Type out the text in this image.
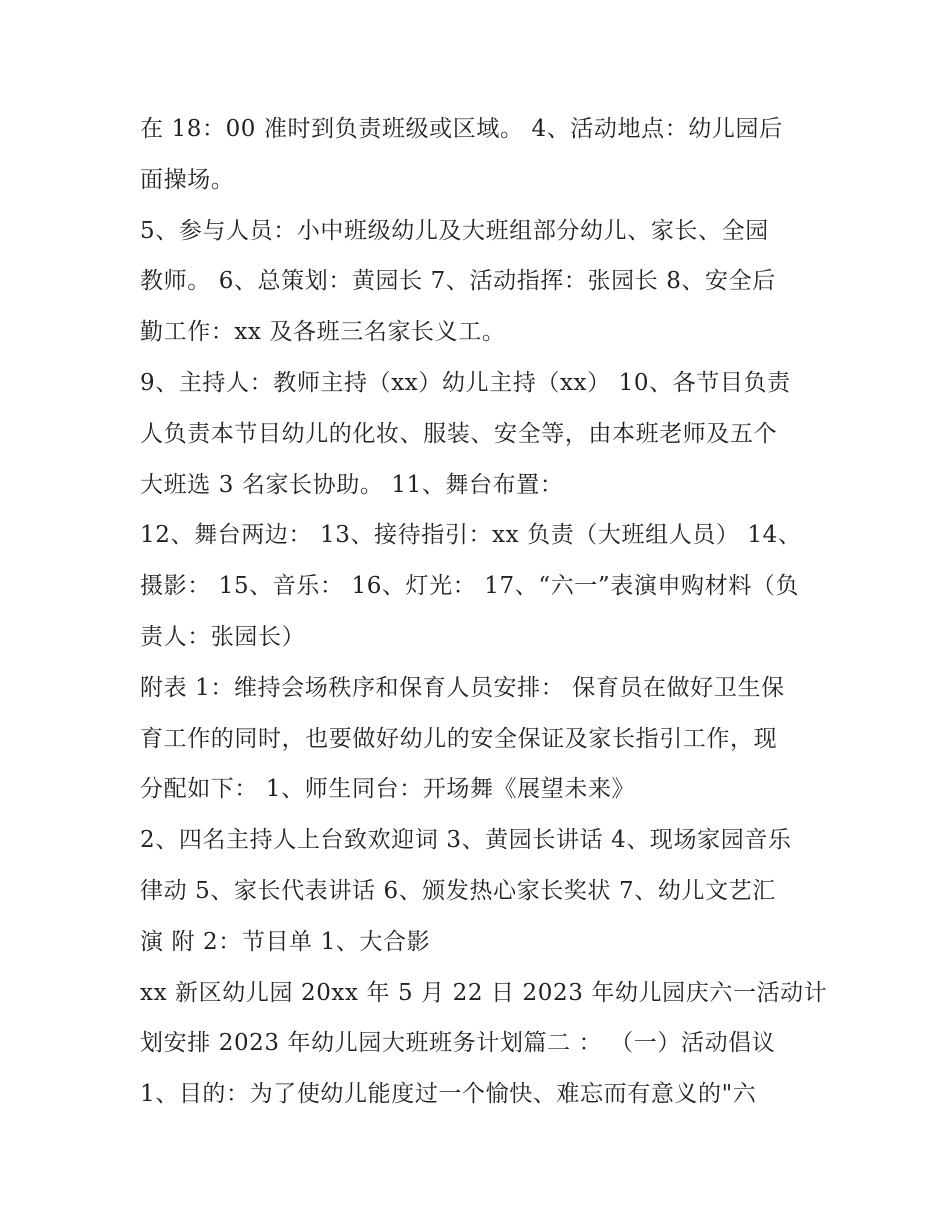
在 18：00 准时到负责班级或区域。 4、活动地点：幼儿园后
面操场。
5、参与人员：小中班级幼儿及大班组部分幼儿、家长、全园
教师。 6、总策划：黄园长 7、活动指挥：张园长 8、安全后
勤工作：xx 及各班三名家长义工。
9、主持人：教师主持（xx）幼儿主持（xx） 10、各节目负责
人负责本节目幼儿的化妆、服装、安全等，由本班老师及五个
大班选 3 名家长协助。 11、舞台布置：
12、舞台两边： 13、接待指引：xx 负责（大班组人员） 14、
摄影： 15、音乐： 16、灯光： 17、“六一”表演申购材料（负
责人：张园长）
附表 1：维持会场秩序和保育人员安排： 保育员在做好卫生保
育工作的同时，也要做好幼儿的安全保证及家长指引工作，现
分配如下： 1、师生同台：开场舞《展望未来》
2、四名主持人上台致欢迎词 3、黄园长讲话 4、现场家园音乐
律动 5、家长代表讲话 6、颁发热心家长奖状 7、幼儿文艺汇
演 附 2：节目单 1、大合影
xx 新区幼儿园 20xx 年 5 月 22 日 2023 年幼儿园庆六一活动计
划安排 2023 年幼儿园大班班务计划篇二 ： （一）活动倡议
1、目的：为了使幼儿能度过一个愉快、难忘而有意义的"六
